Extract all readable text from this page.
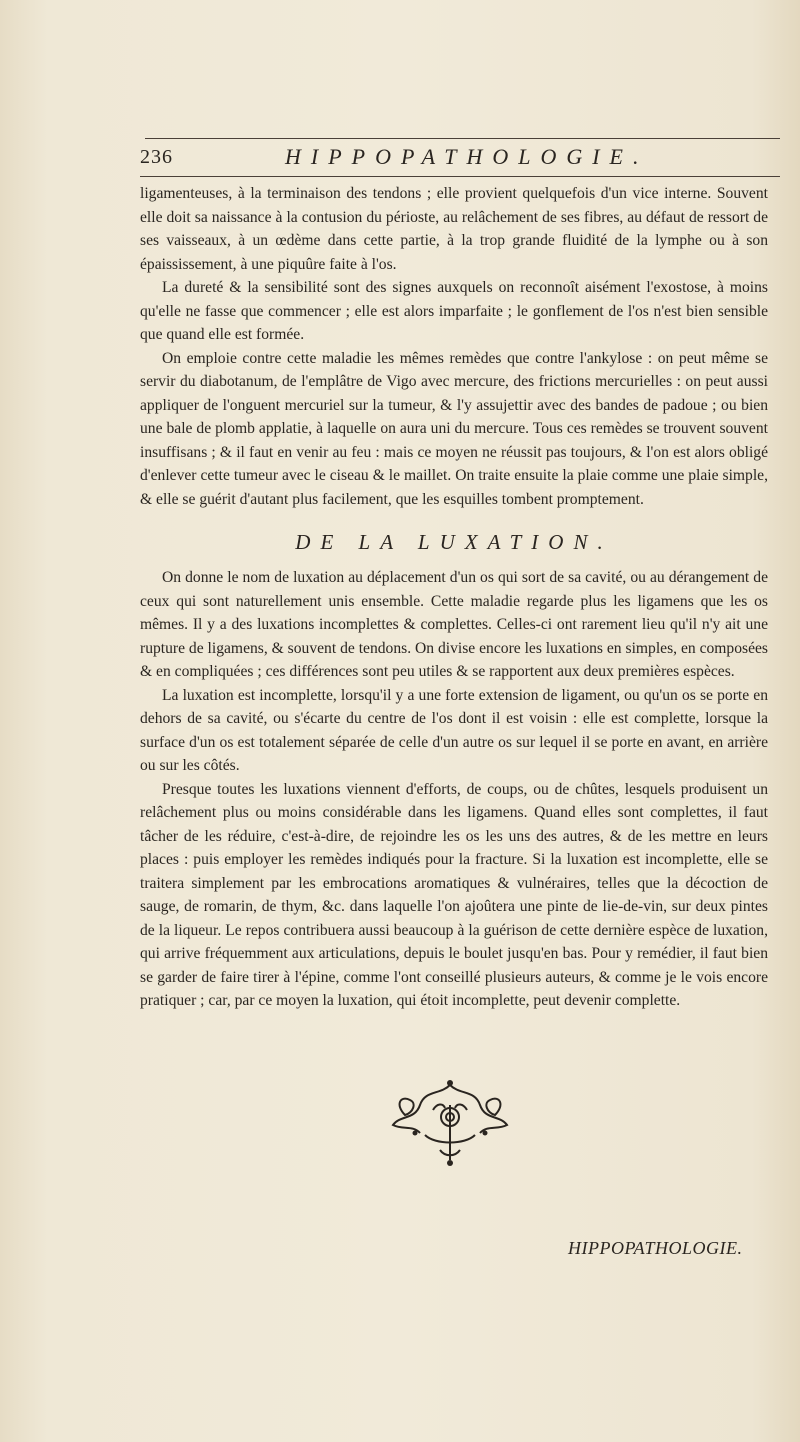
236	HIPPOPATHOLOGIE.

ligamenteuses, à la terminaison des tendons ; elle provient quelquefois d'un vice interne. Souvent elle doit sa naissance à la contusion du périoste, au relâchement de ses fibres, au défaut de ressort de ses vaisseaux, à un œdème dans cette partie, à la trop grande fluidité de la lymphe ou à son épaississement, à une piquûre faite à l'os.

La dureté & la sensibilité sont des signes auxquels on reconnoît aisément l'exostose, à moins qu'elle ne fasse que commencer ; elle est alors imparfaite ; le gonflement de l'os n'est bien sensible que quand elle est formée.

On emploie contre cette maladie les mêmes remèdes que contre l'ankylose : on peut même se servir du diabotanum, de l'emplâtre de Vigo avec mercure, des frictions mercurielles : on peut aussi appliquer de l'onguent mercuriel sur la tumeur, & l'y assujettir avec des bandes de padoue ; ou bien une bale de plomb applatie, à laquelle on aura uni du mercure. Tous ces remèdes se trouvent souvent insuffisans ; & il faut en venir au feu : mais ce moyen ne réussit pas toujours, & l'on est alors obligé d'enlever cette tumeur avec le ciseau & le maillet. On traite ensuite la plaie comme une plaie simple, & elle se guérit d'autant plus facilement, que les esquilles tombent promptement.

DE LA LUXATION.

On donne le nom de luxation au déplacement d'un os qui sort de sa cavité, ou au dérangement de ceux qui sont naturellement unis ensemble. Cette maladie regarde plus les ligamens que les os mêmes. Il y a des luxations incomplettes & complettes. Celles-ci ont rarement lieu qu'il n'y ait une rupture de ligamens, & souvent de tendons. On divise encore les luxations en simples, en composées & en compliquées ; ces différences sont peu utiles & se rapportent aux deux premières espèces.

La luxation est incomplette, lorsqu'il y a une forte extension de ligament, ou qu'un os se porte en dehors de sa cavité, ou s'écarte du centre de l'os dont il est voisin : elle est complette, lorsque la surface d'un os est totalement séparée de celle d'un autre os sur lequel il se porte en avant, en arrière ou sur les côtés.

Presque toutes les luxations viennent d'efforts, de coups, ou de chûtes, lesquels produisent un relâchement plus ou moins considérable dans les ligamens. Quand elles sont complettes, il faut tâcher de les réduire, c'est-à-dire, de rejoindre les os les uns des autres, & de les mettre en leurs places : puis employer les remèdes indiqués pour la fracture. Si la luxation est incomplette, elle se traitera simplement par les embrocations aromatiques & vulnéraires, telles que la décoction de sauge, de romarin, de thym, &c. dans laquelle l'on ajoûtera une pinte de lie-de-vin, sur deux pintes de la liqueur. Le repos contribuera aussi beaucoup à la guérison de cette dernière espèce de luxation, qui arrive fréquemment aux articulations, depuis le boulet jusqu'en bas. Pour y remédier, il faut bien se garder de faire tirer à l'épine, comme l'ont conseillé plusieurs auteurs, & comme je le vois encore pratiquer ; car, par ce moyen la luxation, qui étoit incomplette, peut devenir complette.

HIPPOPATHOLOGIE.
